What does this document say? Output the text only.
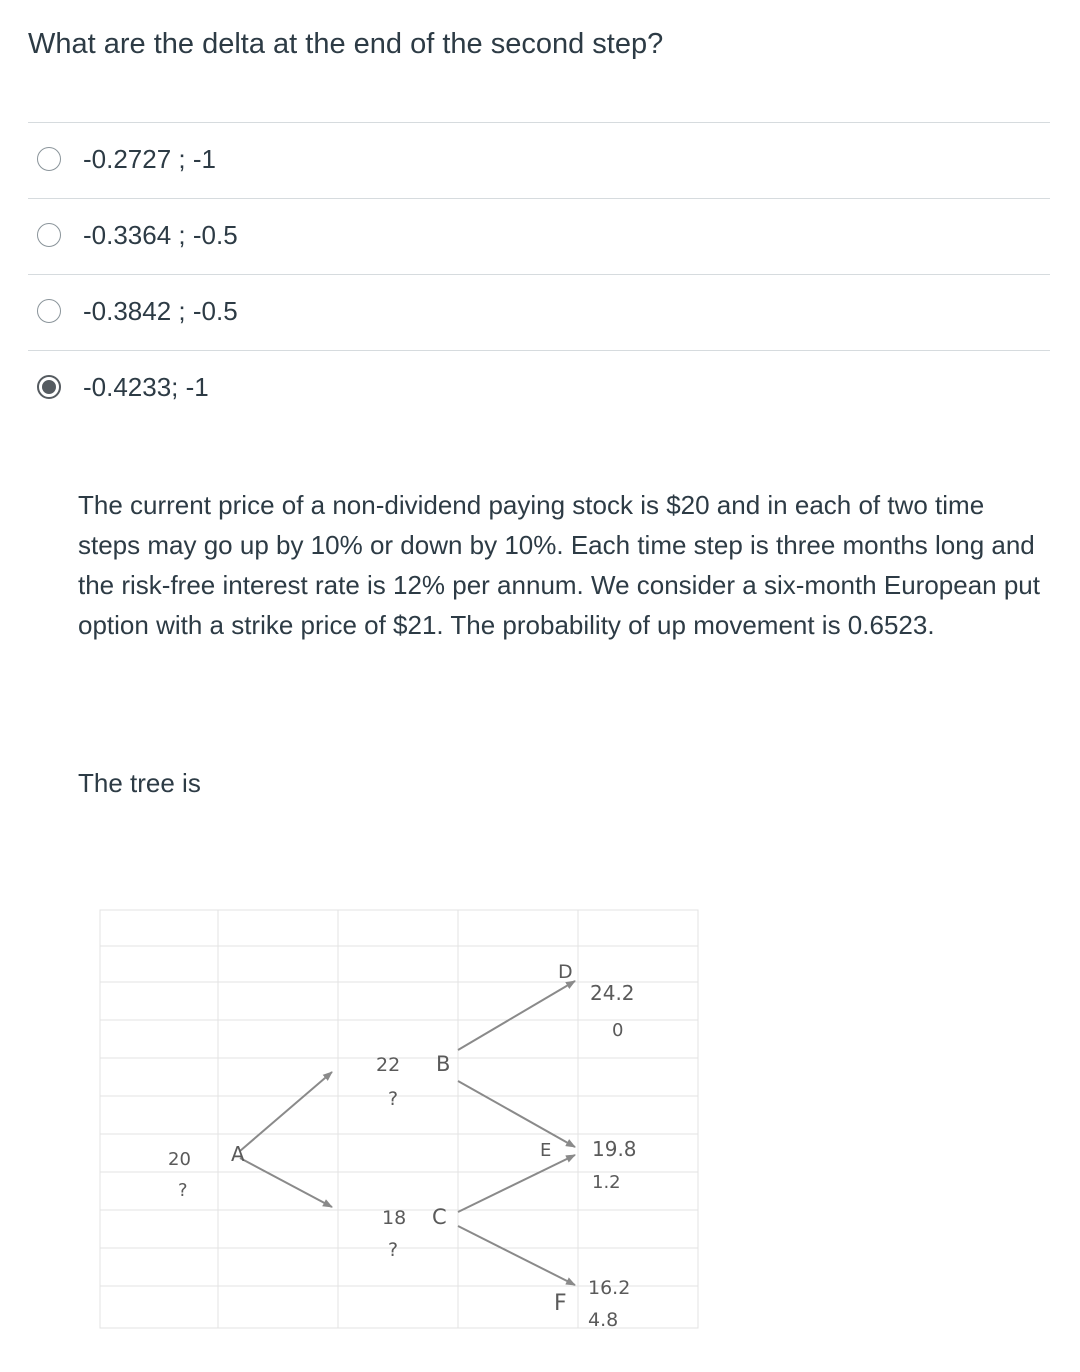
What are the delta at the end of the second step?
-0.2727 ; -1
-0.3364 ; -0.5
-0.3842 ; -0.5
-0.4233; -1

The current price of a non-dividend paying stock is $20 and in each of two time steps may go up by 10% or down by 10%. Each time step is three months long and the risk-free interest rate is 12% per annum. We consider a six-month European put option with a strike price of $21. The probability of up movement is 0.6523.

The tree is

20 A
?
22 B
?
18 C
?
D
24.2
0
E 19.8
1.2
F
16.2
4.8
